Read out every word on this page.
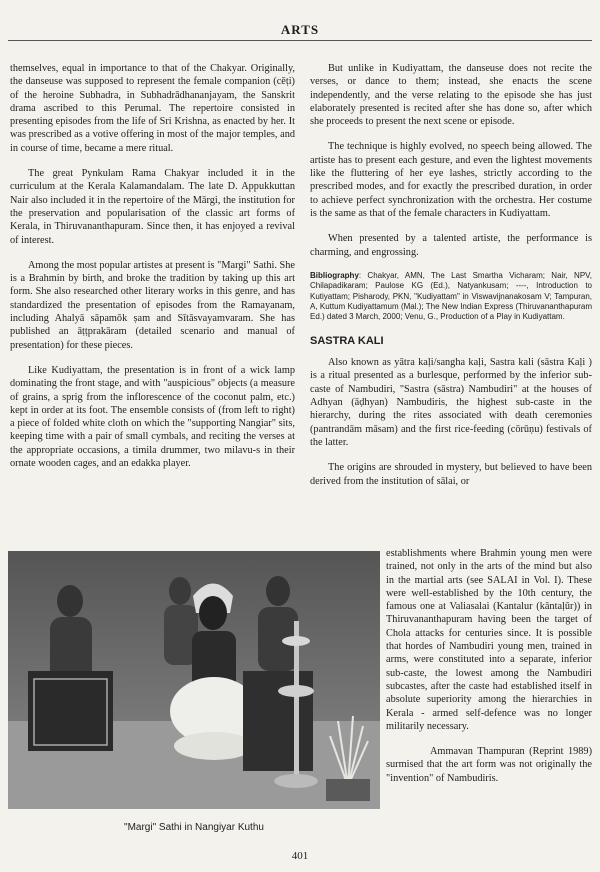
ARTS

themselves, equal in importance to that of the Chakyar. Originally, the danseuse was supposed to represent the female companion (cēṭi) of the heroine Subhadra, in Subhadrādhananjayam, the Sanskrit drama ascribed to this Perumal. The repertoire consisted in presenting episodes from the life of Sri Krishna, as enacted by her. It was prescribed as a votive offering in most of the major temples, and in course of time, became a mere ritual.

The great Pynkulam Rama Chakyar included it in the curriculum at the Kerala Kalamandalam. The late D. Appukkuttan Nair also included it in the repertoire of the Mārgi, the institution for the preservation and popularisation of the classic art forms of Kerala, in Thiruvananthapuram. Since then, it has enjoyed a revival of interest.

Among the most popular artistes at present is "Margi" Sathi. She is a Brahmin by birth, and broke the tradition by taking up this art form. She also researched other literary works in this genre, and has standardized the presentation of episodes from the Ramayanam, including Ahalyā sāpamōk ṣam and Sītāsvayamvaram. She has published an āṭṭprakāram (detailed scenario and manual of presentation) for these pieces.

Like Kudiyattam, the presentation is in front of a wick lamp dominating the front stage, and with "auspicious" objects (a measure of grains, a sprig from the inflorescence of the coconut palm, etc.) kept in order at its foot. The ensemble consists of (from left to right) a piece of folded white cloth on which the "supporting Nangiar" sits, keeping time with a pair of small cymbals, and reciting the verses at the appropriate occasions, a timila drummer, two milavu-s in their ornate wooden cages, and an edakka player.

But unlike in Kudiyattam, the danseuse does not recite the verses, or dance to them; instead, she enacts the scene independently, and the verse relating to the episode she has just elaborately presented is recited after she has done so, after which she proceeds to present the next scene or episode.

The technique is highly evolved, no speech being allowed. The artiste has to present each gesture, and even the lightest movements like the fluttering of her eye lashes, strictly according to the prescribed modes, and for exactly the prescribed duration, in order to achieve perfect synchronization with the orchestra. Her costume is the same as that of the female characters in Kudiyattam.

When presented by a talented artiste, the performance is charming, and engrossing.

Bibliography: Chakyar, AMN, The Last Smartha Vicharam; Nair, NPV, Chilapadikaram; Paulose KG (Ed.), Natyankusam; ----, Introduction to Kutiyattam; Pisharody, PKN, "Kudiyattam" in Viswavijnanakosam V; Tampuran, A, Kuttum Kudiyattamum (Mal.); The New Indian Express (Thiruvananthapuram Ed.) dated 3 March, 2000; Venu, G., Production of a Play in Kudiyattam.

SASTRA KALI

Also known as yātra kaḷi/sangha kaḷi, Sastra kali (sāstra Kaḷi ) is a ritual presented as a burlesque, performed by the inferior sub-caste of Nambudiri, "Sastra (sāstra) Nambudiri" at the houses of Adhyan (āḍhyan) Nambudiris, the highest sub-caste in the hierarchy, during the rites associated with death ceremonies (pantrandām māsam) and the first rice-feeding (cōrūṇu) festivals of the latter.

The origins are shrouded in mystery, but believed to have been derived from the institution of sālai, or

establishments where Brahmin young men were trained, not only in the arts of the mind but also in the martial arts (see SALAI in Vol. I). These were well-established by the 10th century, the famous one at Valiasalai (Kantalur (kāntaḷūr)) in Thiruvananthapuram having been the target of Chola attacks for centuries since. It is possible that hordes of Nambudiri young men, trained in arms, were constituted into a separate, inferior sub-caste, the lowest among the Nambudiri subcastes, after the caste had established itself in absolute superiority among the hierarchies in Kerala - armed self-defence was no longer militarily necessary.

Ammavan Thampuran (Reprint 1989) surmised that the art form was not originally the "invention" of Nambudiris.

"Margi" Sathi in Nangiyar Kuthu
401
